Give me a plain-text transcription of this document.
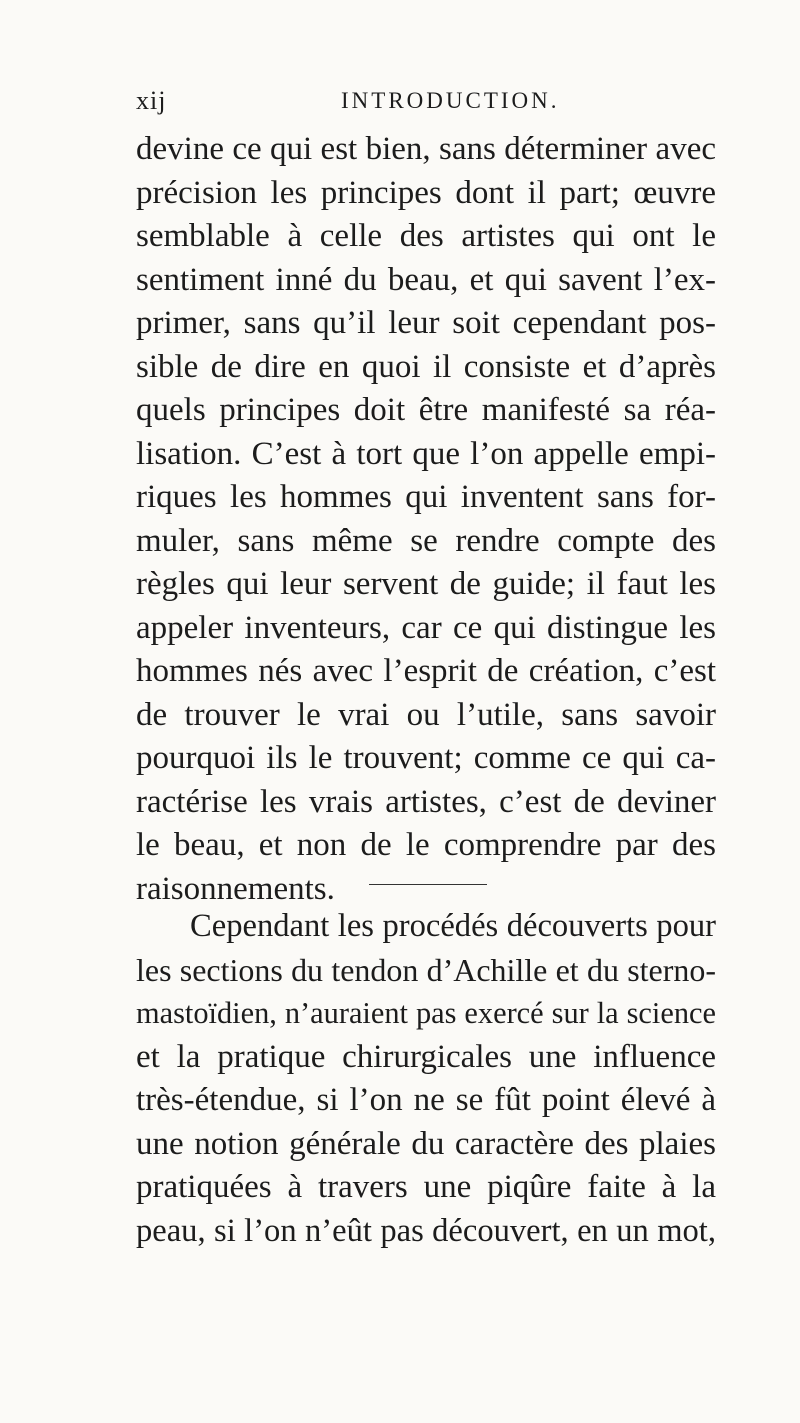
xij	INTRODUCTION.
devine ce qui est bien, sans déterminer avec
précision les principes dont il part; œuvre
semblable à celle des artistes qui ont le
sentiment inné du beau, et qui savent l’ex-
primer, sans qu’il leur soit cependant pos-
sible de dire en quoi il consiste et d’après
quels principes doit être manifesté sa réa-
lisation. C’est à tort que l’on appelle empi-
riques les hommes qui inventent sans for-
muler, sans même se rendre compte des
règles qui leur servent de guide; il faut les
appeler inventeurs, car ce qui distingue les
hommes nés avec l’esprit de création, c’est
de trouver le vrai ou l’utile, sans savoir
pourquoi ils le trouvent; comme ce qui ca-
ractérise les vrais artistes, c’est de deviner
le beau, et non de le comprendre par des
raisonnements.
Cependant les procédés découverts pour
les sections du tendon d’Achille et du sterno-
mastoïdien, n’auraient pas exercé sur la science
et la pratique chirurgicales une influence
très-étendue, si l’on ne se fût point élevé à
une notion générale du caractère des plaies
pratiquées à travers une piqûre faite à la
peau, si l’on n’eût pas découvert, en un mot,
